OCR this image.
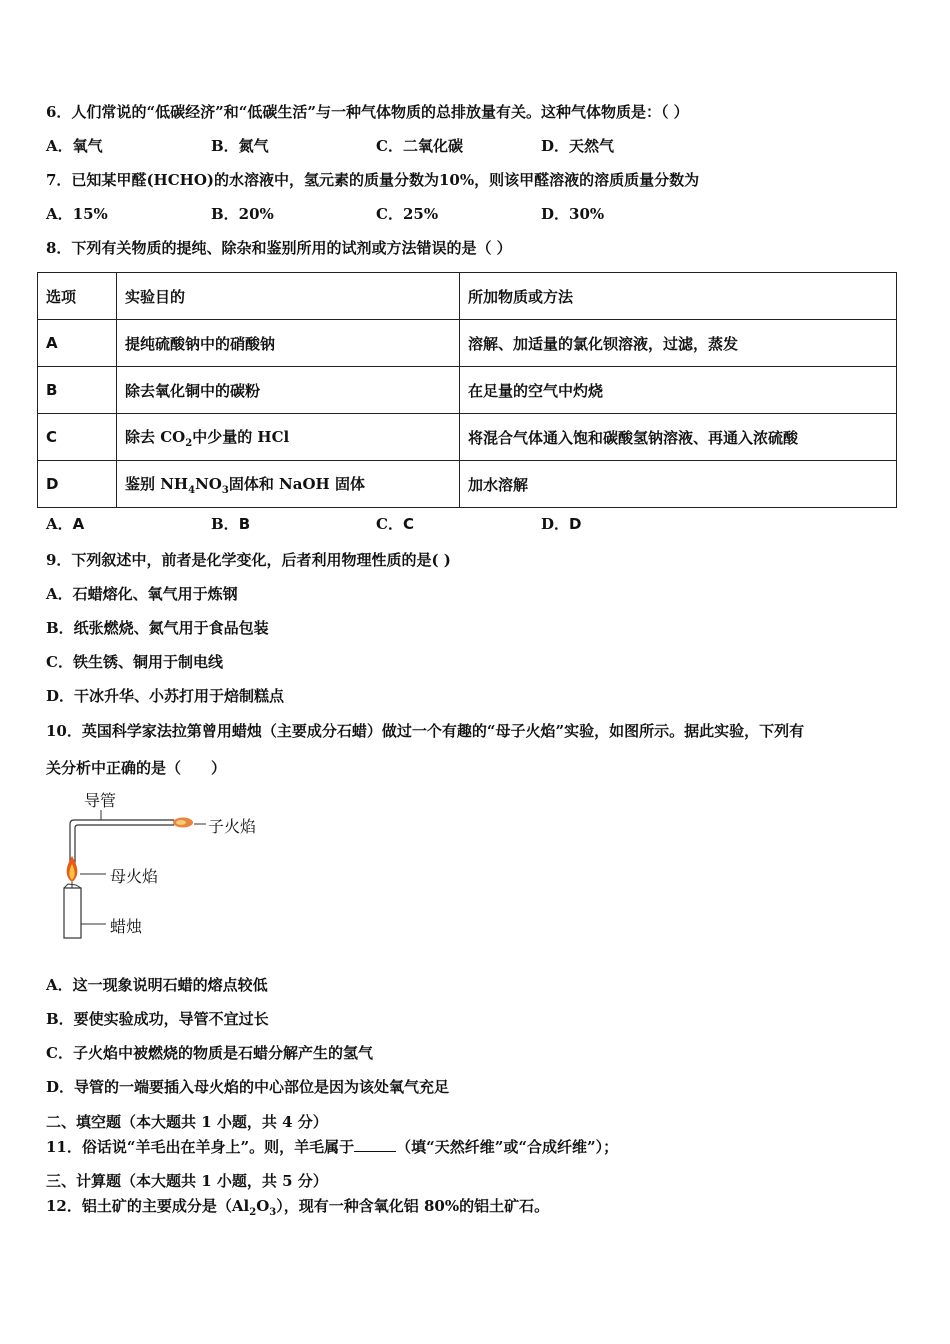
6．人们常说的“低碳经济”和“低碳生活”与一种气体物质的总排放量有关。这种气体物质是：（ ）
A．氧气	B．氮气	C．二氧化碳	D．天然气
7．已知某甲醛(HCHO)的水溶液中，氢元素的质量分数为10%，则该甲醛溶液的溶质质量分数为
A．15%	B．20%	C．25%	D．30%
8．下列有关物质的提纯、除杂和鉴别所用的试剂或方法错误的是（ ）
选项	实验目的	所加物质或方法
A	提纯硫酸钠中的硝酸钠	溶解、加适量的氯化钡溶液，过滤，蒸发
B	除去氧化铜中的碳粉	在足量的空气中灼烧
C	除去 $CO_2$中少量的 HCl	将混合气体通入饱和碳酸氢钠溶液、再通入浓硫酸
D	鉴别 $NH_4NO_3$固体和 NaOH 固体	加水溶解
A．A	B．B	C．C	D．D
9．下列叙述中，前者是化学变化，后者利用物理性质的是( )
A．石蜡熔化、氧气用于炼钢
B．纸张燃烧、氮气用于食品包装
C．铁生锈、铜用于制电线
D．干冰升华、小苏打用于焙制糕点
10．英国科学家法拉第曾用蜡烛（主要成分石蜡）做过一个有趣的“母子火焰”实验，如图所示。据此实验，下列有
关分析中正确的是（　　）
导管
子火焰
母火焰
蜡烛
A．这一现象说明石蜡的熔点较低
B．要使实验成功，导管不宜过长
C．子火焰中被燃烧的物质是石蜡分解产生的氢气
D．导管的一端要插入母火焰的中心部位是因为该处氧气充足
二、填空题（本大题共 1 小题，共 4 分）
11．俗话说“羊毛出在羊身上”。则，羊毛属于	（填“天然纤维”或“合成纤维”）；
三、计算题（本大题共 1 小题，共 5 分）
12．铝土矿的主要成分是$(Al_2O_3)$，现有一种含氧化铝 80%的铝土矿石。
